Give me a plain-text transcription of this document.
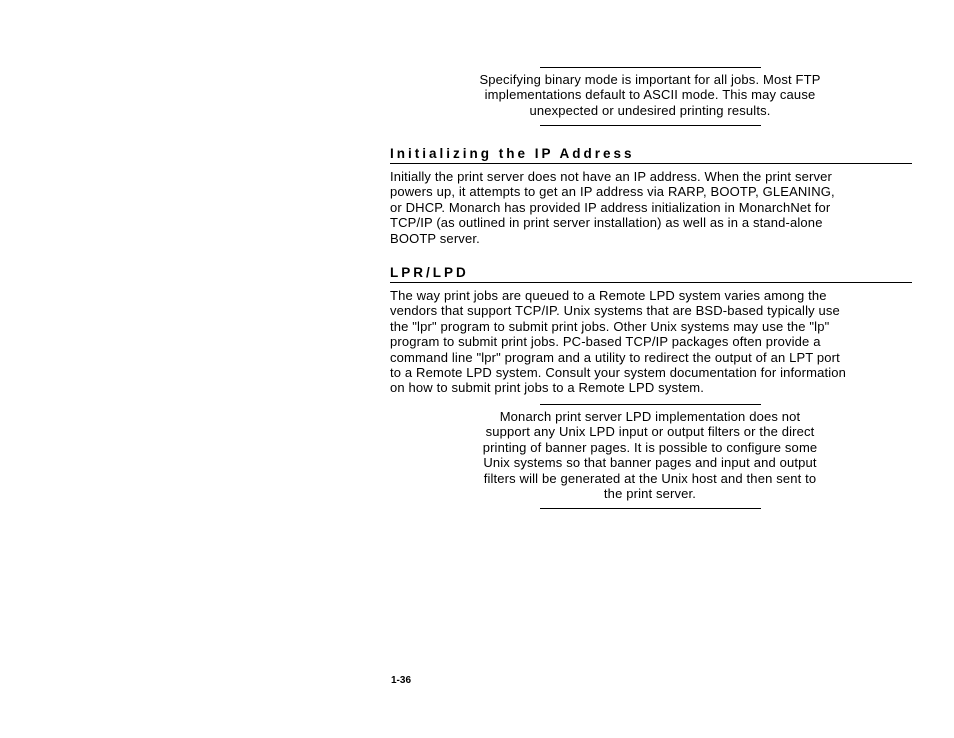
Specifying binary mode is important for all jobs. Most FTP
implementations default to ASCII mode. This may cause
unexpected or undesired printing results.
Initializing the IP Address
Initially the print server does not have an IP address. When the print server
powers up, it attempts to get an IP address via RARP, BOOTP, GLEANING,
or DHCP. Monarch has provided IP address initialization in MonarchNet for
TCP/IP (as outlined in print server installation) as well as in a stand-alone
BOOTP server.
LPR/LPD
The way print jobs are queued to a Remote LPD system varies among the
vendors that support TCP/IP. Unix systems that are BSD-based typically use
the "lpr" program to submit print jobs. Other Unix systems may use the "lp"
program to submit print jobs. PC-based TCP/IP packages often provide a
command line "lpr" program and a utility to redirect the output of an LPT port
to a Remote LPD system. Consult your system documentation for information
on how to submit print jobs to a Remote LPD system.
Monarch print server LPD implementation does not
support any Unix LPD input or output filters or the direct
printing of banner pages. It is possible to configure some
Unix systems so that banner pages and input and output
filters will be generated at the Unix host and then sent to
the print server.
1-36
